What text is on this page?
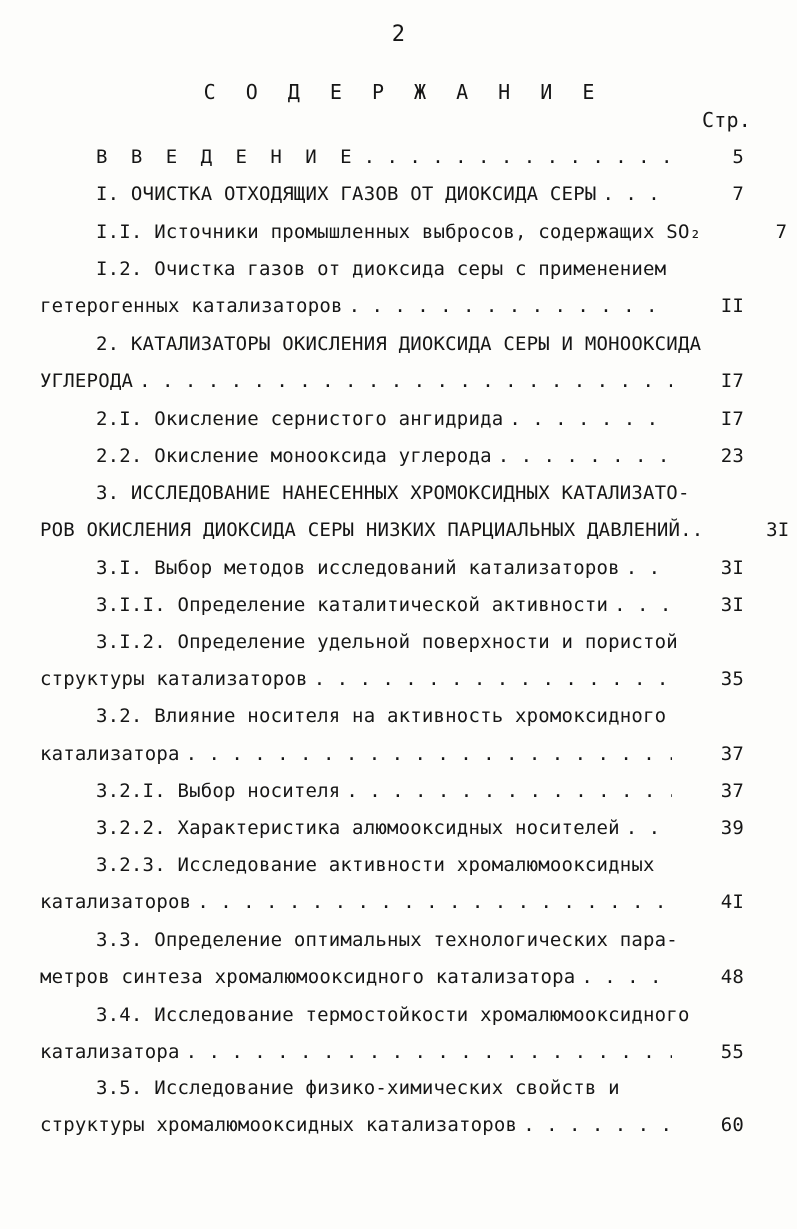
2
С О Д Е Р Ж А Н И Е
Стр.
В В Е Д Е Н И Е . . .	5
I. ОЧИСТКА ОТХОДЯЩИХ ГАЗОВ ОТ ДИОКСИДА СЕРЫ . . .	7
I.I. Источники промышленных выбросов, содержащих SO₂	7
I.2. Очистка газов от диоксида серы с применением
гетерогенных катализаторов . . .	II
2. КАТАЛИЗАТОРЫ ОКИСЛЕНИЯ ДИОКСИДА СЕРЫ И МОНООКСИДА
УГЛЕРОДА . . .	I7
2.I. Окисление сернистого ангидрида . . .	I7
2.2. Окисление монооксида углерода . . .	23
3. ИССЛЕДОВАНИЕ НАНЕСЕННЫХ ХРОМОКСИДНЫХ КАТАЛИЗАТО-
РОВ ОКИСЛЕНИЯ ДИОКСИДА СЕРЫ НИЗКИХ ПАРЦИАЛЬНЫХ ДАВЛЕНИЙ..	3I
3.I. Выбор методов исследований катализаторов . . .	3I
3.I.I. Определение каталитической активности . . .	3I
3.I.2. Определение удельной поверхности и пористой
структуры катализаторов . . .	35
3.2. Влияние носителя на активность хромоксидного
катализатора . . .	37
3.2.I. Выбор носителя . . .	37
3.2.2. Характеристика алюмооксидных носителей . . .	39
3.2.3. Исследование активности хромалюмооксидных
катализаторов . . .	4I
3.3. Определение оптимальных технологических пара-
метров синтеза хромалюмооксидного катализатора . . .	48
3.4. Исследование термостойкости хромалюмооксидного
катализатора . . .	55
3.5. Исследование физико-химических свойств и
структуры хромалюмооксидных катализаторов . . .	60
